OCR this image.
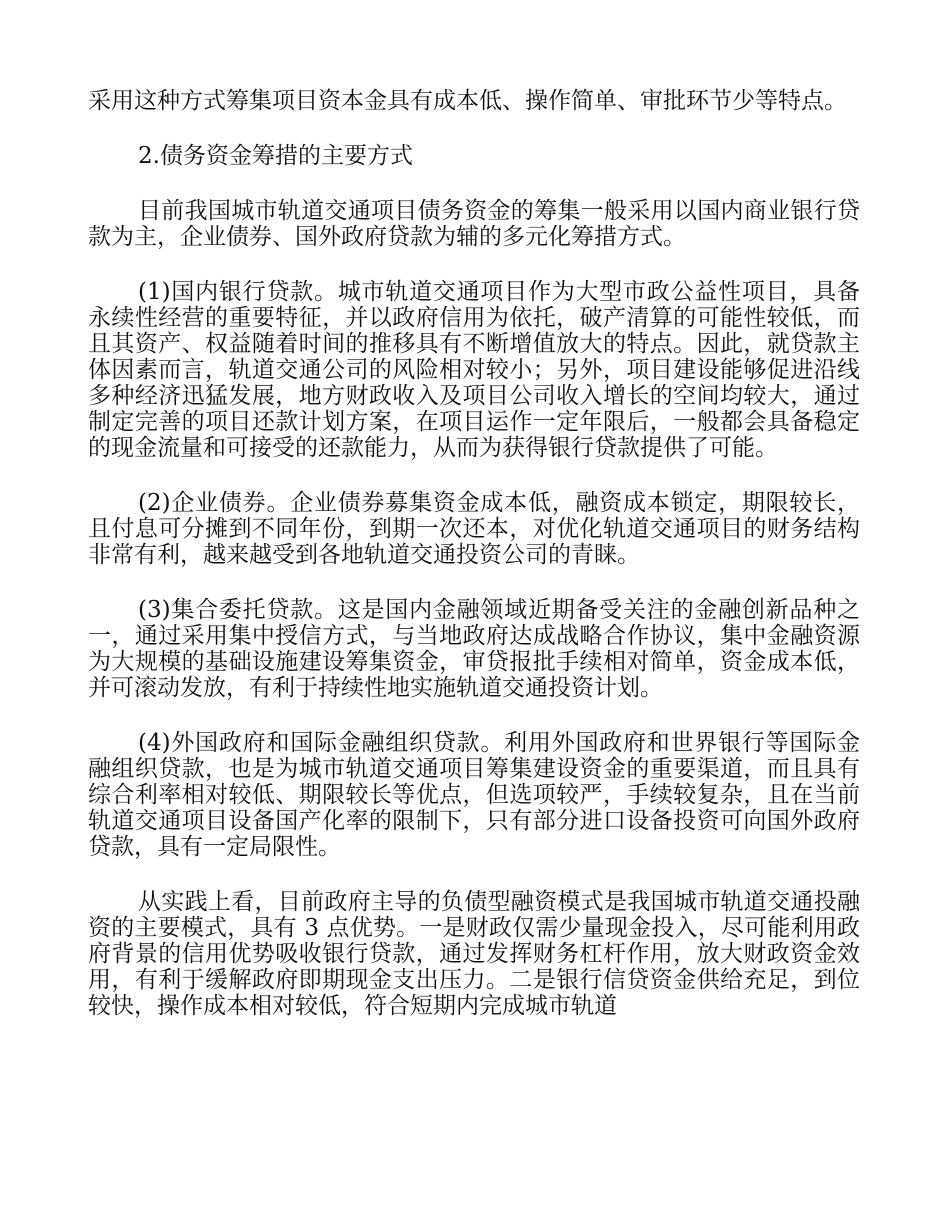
采用这种方式筹集项目资本金具有成本低、操作简单、审批环节少等特点。

2.债务资金筹措的主要方式

目前我国城市轨道交通项目债务资金的筹集一般采用以国内商业银行贷款为主，企业债券、国外政府贷款为辅的多元化筹措方式。

(1)国内银行贷款。城市轨道交通项目作为大型市政公益性项目，具备永续性经营的重要特征，并以政府信用为依托，破产清算的可能性较低，而且其资产、权益随着时间的推移具有不断增值放大的特点。因此，就贷款主体因素而言，轨道交通公司的风险相对较小；另外，项目建设能够促进沿线多种经济迅猛发展，地方财政收入及项目公司收入增长的空间均较大，通过制定完善的项目还款计划方案，在项目运作一定年限后，一般都会具备稳定的现金流量和可接受的还款能力，从而为获得银行贷款提供了可能。

(2)企业债券。企业债券募集资金成本低，融资成本锁定，期限较长，且付息可分摊到不同年份，到期一次还本，对优化轨道交通项目的财务结构非常有利，越来越受到各地轨道交通投资公司的青睐。

(3)集合委托贷款。这是国内金融领域近期备受关注的金融创新品种之一，通过采用集中授信方式，与当地政府达成战略合作协议，集中金融资源为大规模的基础设施建设筹集资金，审贷报批手续相对简单，资金成本低，并可滚动发放，有利于持续性地实施轨道交通投资计划。

(4)外国政府和国际金融组织贷款。利用外国政府和世界银行等国际金融组织贷款，也是为城市轨道交通项目筹集建设资金的重要渠道，而且具有综合利率相对较低、期限较长等优点，但选项较严，手续较复杂，且在当前轨道交通项目设备国产化率的限制下，只有部分进口设备投资可向国外政府贷款，具有一定局限性。

从实践上看，目前政府主导的负债型融资模式是我国城市轨道交通投融资的主要模式，具有 3 点优势。一是财政仅需少量现金投入，尽可能利用政府背景的信用优势吸收银行贷款，通过发挥财务杠杆作用，放大财政资金效用，有利于缓解政府即期现金支出压力。二是银行信贷资金供给充足，到位较快，操作成本相对较低，符合短期内完成城市轨道
